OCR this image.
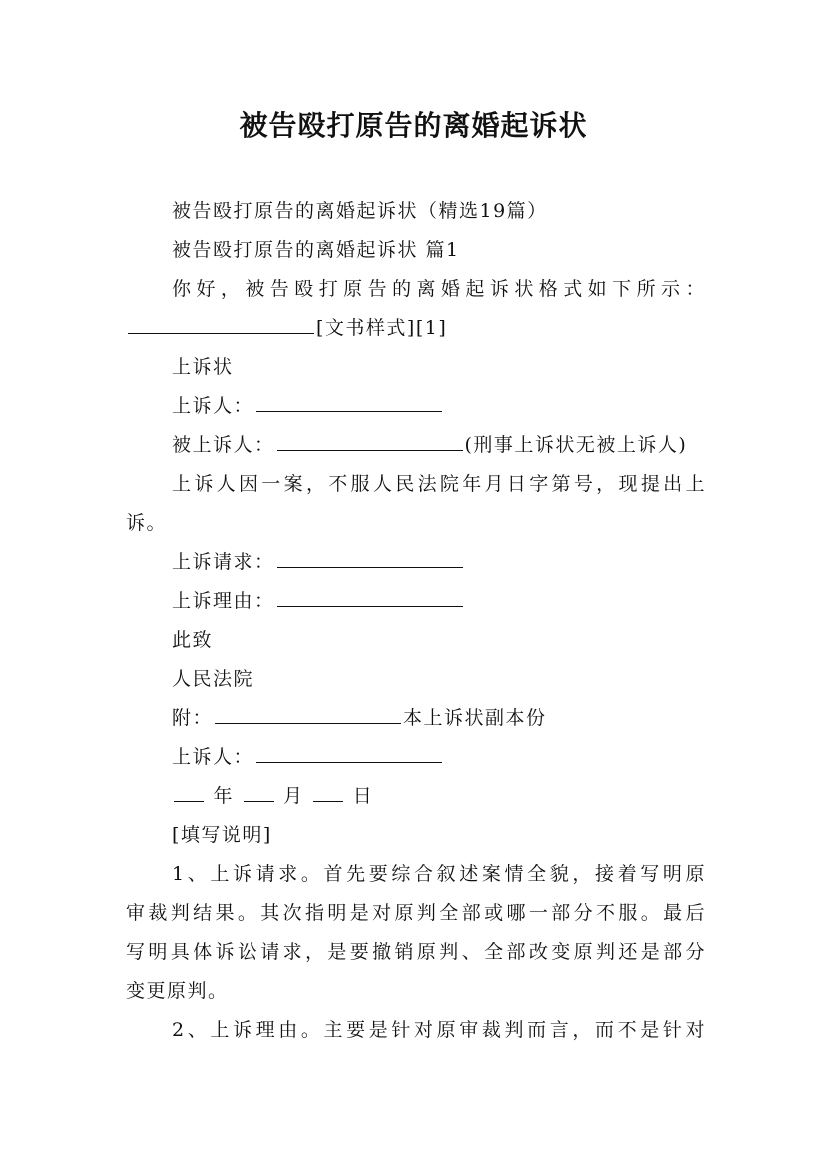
被告殴打原告的离婚起诉状
被告殴打原告的离婚起诉状（精选19篇）
被告殴打原告的离婚起诉状 篇1
你好，被告殴打原告的离婚起诉状格式如下所示：
[文书样式][1]
上诉状
上诉人：
被上诉人：	(刑事上诉状无被上诉人)
上诉人因一案，不服人民法院年月日字第号，现提出上
诉。
上诉请求：
上诉理由：
此致
人民法院
附：	本上诉状副本份
上诉人：
年	月	日
[填写说明]
1、上诉请求。首先要综合叙述案情全貌，接着写明原
审裁判结果。其次指明是对原判全部或哪一部分不服。最后
写明具体诉讼请求，是要撤销原判、全部改变原判还是部分
变更原判。
2、上诉理由。主要是针对原审裁判而言，而不是针对
